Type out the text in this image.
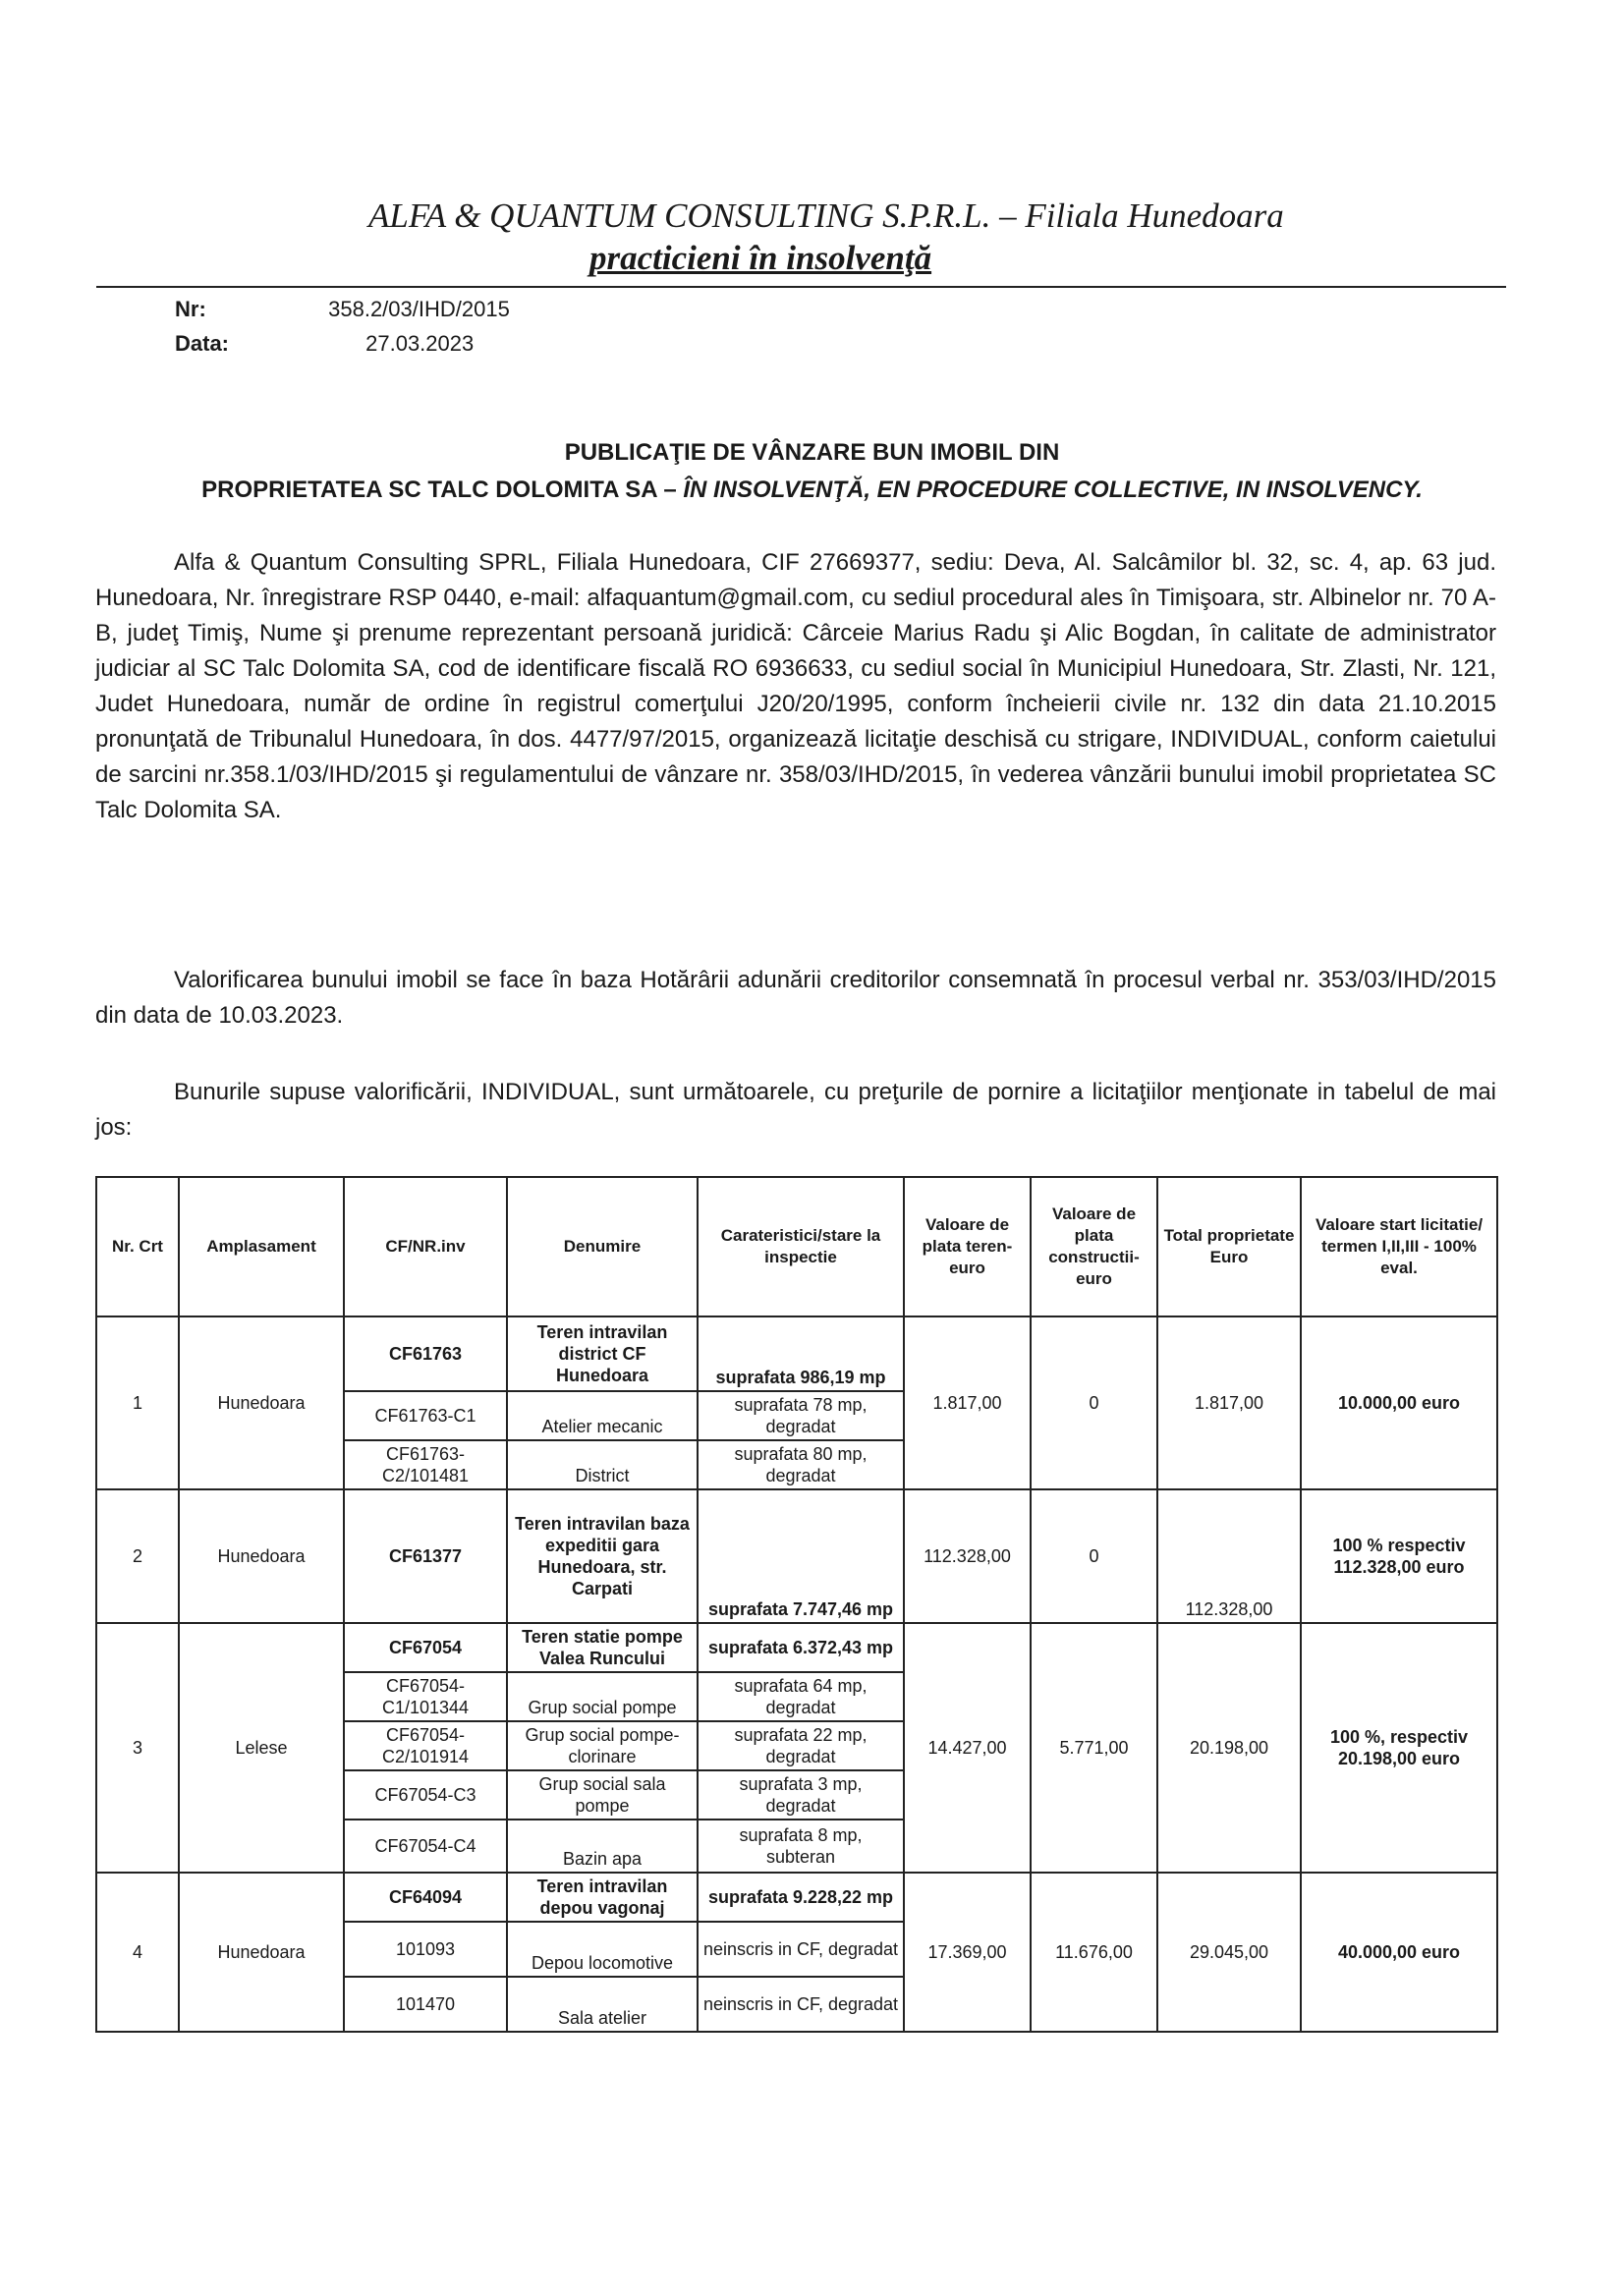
ALFA & QUANTUM CONSULTING S.P.R.L. – Filiala Hunedoara
practicieni în insolvenţă
Nr:	358.2/03/IHD/2015
Data:	27.03.2023
PUBLICAŢIE DE VÂNZARE BUN IMOBIL DIN
PROPRIETATEA SC TALC DOLOMITA SA – ÎN INSOLVENŢĂ, EN PROCEDURE COLLECTIVE, IN INSOLVENCY.
Alfa & Quantum Consulting SPRL, Filiala Hunedoara, CIF 27669377, sediu: Deva, Al. Salcâmilor bl. 32, sc. 4, ap. 63 jud. Hunedoara, Nr. înregistrare RSP 0440, e-mail: alfaquantum@gmail.com, cu sediul procedural ales în Timişoara, str. Albinelor nr. 70 A-B, judeţ Timiş, Nume şi prenume reprezentant persoană juridică: Cârceie Marius Radu şi Alic Bogdan, în calitate de administrator judiciar al SC Talc Dolomita SA, cod de identificare fiscală RO 6936633, cu sediul social în Municipiul Hunedoara, Str. Zlasti, Nr. 121, Judet Hunedoara, număr de ordine în registrul comerţului J20/20/1995, conform încheierii civile nr. 132 din data 21.10.2015 pronunţată de Tribunalul Hunedoara, în dos. 4477/97/2015, organizează licitaţie deschisă cu strigare, INDIVIDUAL, conform caietului de sarcini nr.358.1/03/IHD/2015 şi regulamentului de vânzare nr. 358/03/IHD/2015, în vederea vânzării bunului imobil proprietatea SC Talc Dolomita SA.
Valorificarea bunului imobil se face în baza Hotărârii adunării creditorilor consemnată în procesul verbal nr. 353/03/IHD/2015 din data de 10.03.2023.
Bunurile supuse valorificării, INDIVIDUAL, sunt următoarele, cu preţurile de pornire a licitaţiilor menţionate in tabelul de mai jos:
Nr. Crt	Amplasament	CF/NR.inv	Denumire	Carateristici/stare la inspectie	Valoare de plata teren-euro	Valoare de plata constructii-euro	Total proprietate Euro	Valoare start licitatie/ termen I,II,III - 100% eval.
1	Hunedoara	CF61763	Teren intravilan district CF Hunedoara	suprafata 986,19 mp	1.817,00	0	1.817,00	10.000,00 euro
		CF61763-C1	Atelier mecanic	suprafata 78 mp, degradat				
		CF61763-C2/101481	District	suprafata 80 mp, degradat				
2	Hunedoara	CF61377	Teren intravilan baza expeditii gara Hunedoara, str. Carpati	suprafata 7.747,46 mp	112.328,00	0	112.328,00	100 % respectiv 112.328,00 euro
3	Lelese	CF67054	Teren statie pompe Valea Runcului	suprafata 6.372,43 mp	14.427,00	5.771,00	20.198,00	100 %, respectiv 20.198,00 euro
		CF67054-C1/101344	Grup social pompe	suprafata 64 mp, degradat				
		CF67054-C2/101914	Grup social pompe-clorinare	suprafata 22 mp, degradat				
		CF67054-C3	Grup social sala pompe	suprafata 3 mp, degradat				
		CF67054-C4	Bazin apa	suprafata 8 mp, subteran				
4	Hunedoara	CF64094	Teren intravilan depou vagonaj	suprafata 9.228,22 mp	17.369,00	11.676,00	29.045,00	40.000,00 euro
		101093	Depou locomotive	neinscris in CF, degradat				
		101470	Sala atelier	neinscris in CF, degradat				
